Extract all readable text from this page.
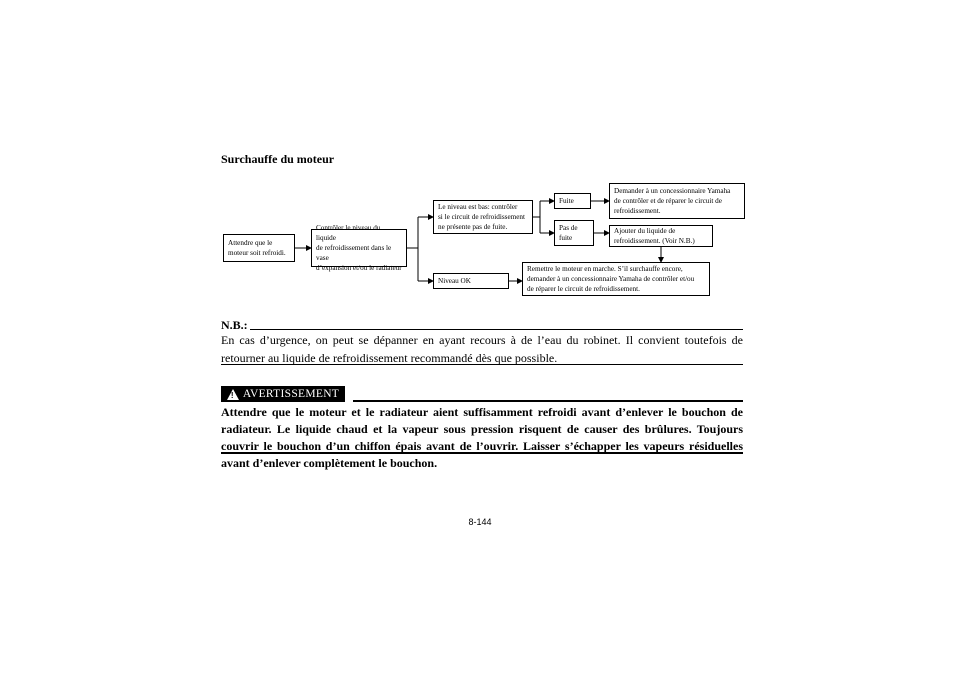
Surchauffe du moteur
Attendre que le
moteur soit refroidi.
Contrôler le niveau du liquide
de refroidissement dans le vase
d’expansion et/ou le radiateur
Le niveau est bas: contrôler
si le circuit de refroidissement
ne présente pas de fuite.
Niveau OK
Fuite
Pas de
fuite
Demander à un concessionnaire Yamaha
de contrôler et de réparer le circuit de
refroidissement.
Ajouter du liquide de
refroidissement. (Voir N.B.)
Remettre le moteur en marche. S’il surchauffe encore,
demander à un concessionnaire Yamaha de contrôler et/ou
de réparer le circuit de refroidissement.
N.B.:
En cas d’urgence, on peut se dépanner en ayant recours à de l’eau du robinet. Il convient toutefois de retourner au liquide de refroidissement recommandé dès que possible.
! AVERTISSEMENT
Attendre que le moteur et le radiateur aient suffisamment refroidi avant d’enlever le bouchon de radiateur. Le liquide chaud et la vapeur sous pression risquent de causer des brûlures. Toujours couvrir le bouchon d’un chiffon épais avant de l’ouvrir. Laisser s’échapper les vapeurs résiduelles avant d’enlever complètement le bouchon.
8-144
